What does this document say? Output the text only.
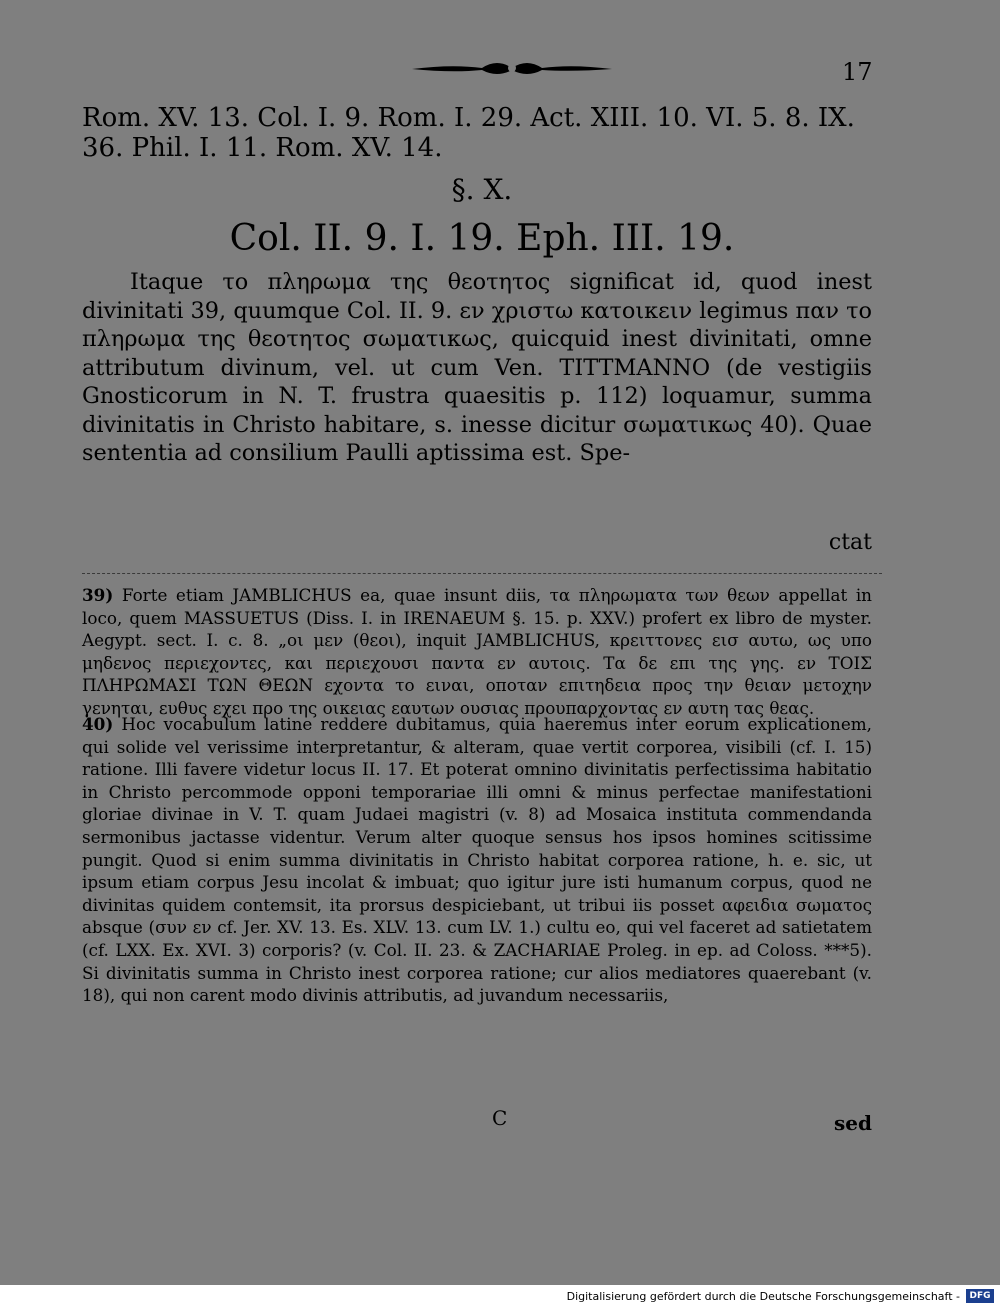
17
Rom. XV. 13. Col. I. 9. Rom. I. 29. Act. XIII. 10. VI. 5. 8. IX. 36. Phil. I. 11. Rom. XV. 14.
§. X.
Col. II. 9. I. 19. Eph. III. 19.

Itaque το πληρωμα της θεοτητος significat id, quod inest divinitati 39, quumque Col. II. 9. εν χριστω κατοικειν legimus παν το πληρωμα της θεοτητος σωματικως, quicquid inest divinitati, omne attributum divinum, vel. ut cum Ven. TITTMANNO (de vestigiis Gnosticorum in N. T. frustra quaesitis p. 112) loquamur, summa divinitatis in Christo habitare, s. inesse dicitur σωματικως 40). Quae sententia ad consilium Paulli aptissima est. Spe-

ctat
39) Forte etiam JAMBLICHUS ea, quae insunt diis, τα πληρωματα των θεων appellat in loco, quem MASSUETUS (Diss. I. in IRENAEUM §. 15. p. XXV.) profert ex libro de myster. Aegypt. sect. I. c. 8. „οι μεν (θεοι), inquit JAMBLICHUS, κρειττονες εισ αυτω, ως υπο μηδενος περιεχοντες, και περιεχουσι παντα εν αυτοις. Τα δε επι της γης. εν ΤΟΙΣ ΠΛΗΡΩΜΑΣΙ ΤΩΝ ΘΕΩΝ εχοντα το ειναι, οποταν επιτηδεια προς την θειαν μετοχην γενηται, ευθυς εχει προ της οικειας εαυτων ουσιας προυπαρχοντας εν αυτη τας θεας.
40) Hoc vocabulum latine reddere dubitamus, quia haeremus inter eorum explicationem, qui solide vel verissime interpretantur, & alteram, quae vertit corporea, visibili (cf. I. 15) ratione. Illi favere videtur locus II. 17. Et poterat omnino divinitatis perfectissima habitatio in Christo percommode opponi temporariae illi omni & minus perfectae manifestationi gloriae divinae in V. T. quam Judaei magistri (v. 8) ad Mosaica instituta commendanda sermonibus jactasse videntur. Verum alter quoque sensus hos ipsos homines scitissime pungit. Quod si enim summa divinitatis in Christo habitat corporea ratione, h. e. sic, ut ipsum etiam corpus Jesu incolat & imbuat; quo igitur jure isti humanum corpus, quod ne divinitas quidem contemsit, ita prorsus despiciebant, ut tribui iis posset αφειδια σωματος absque (συν εν cf. Jer. XV. 13. Es. XLV. 13. cum LV. 1.) cultu eo, qui vel faceret ad satietatem (cf. LXX. Ex. XVI. 3) corporis? (v. Col. II. 23. & ZACHARIAE Proleg. in ep. ad Coloss. ***5). Si divinitatis summa in Christo inest corporea ratione; cur alios mediatores quaerebant (v. 18), qui non carent modo divinis attributis, ad juvandum necessariis,
C	sed
Digitalisierung gefördert durch die Deutsche Forschungsgemeinschaft -	DFG
